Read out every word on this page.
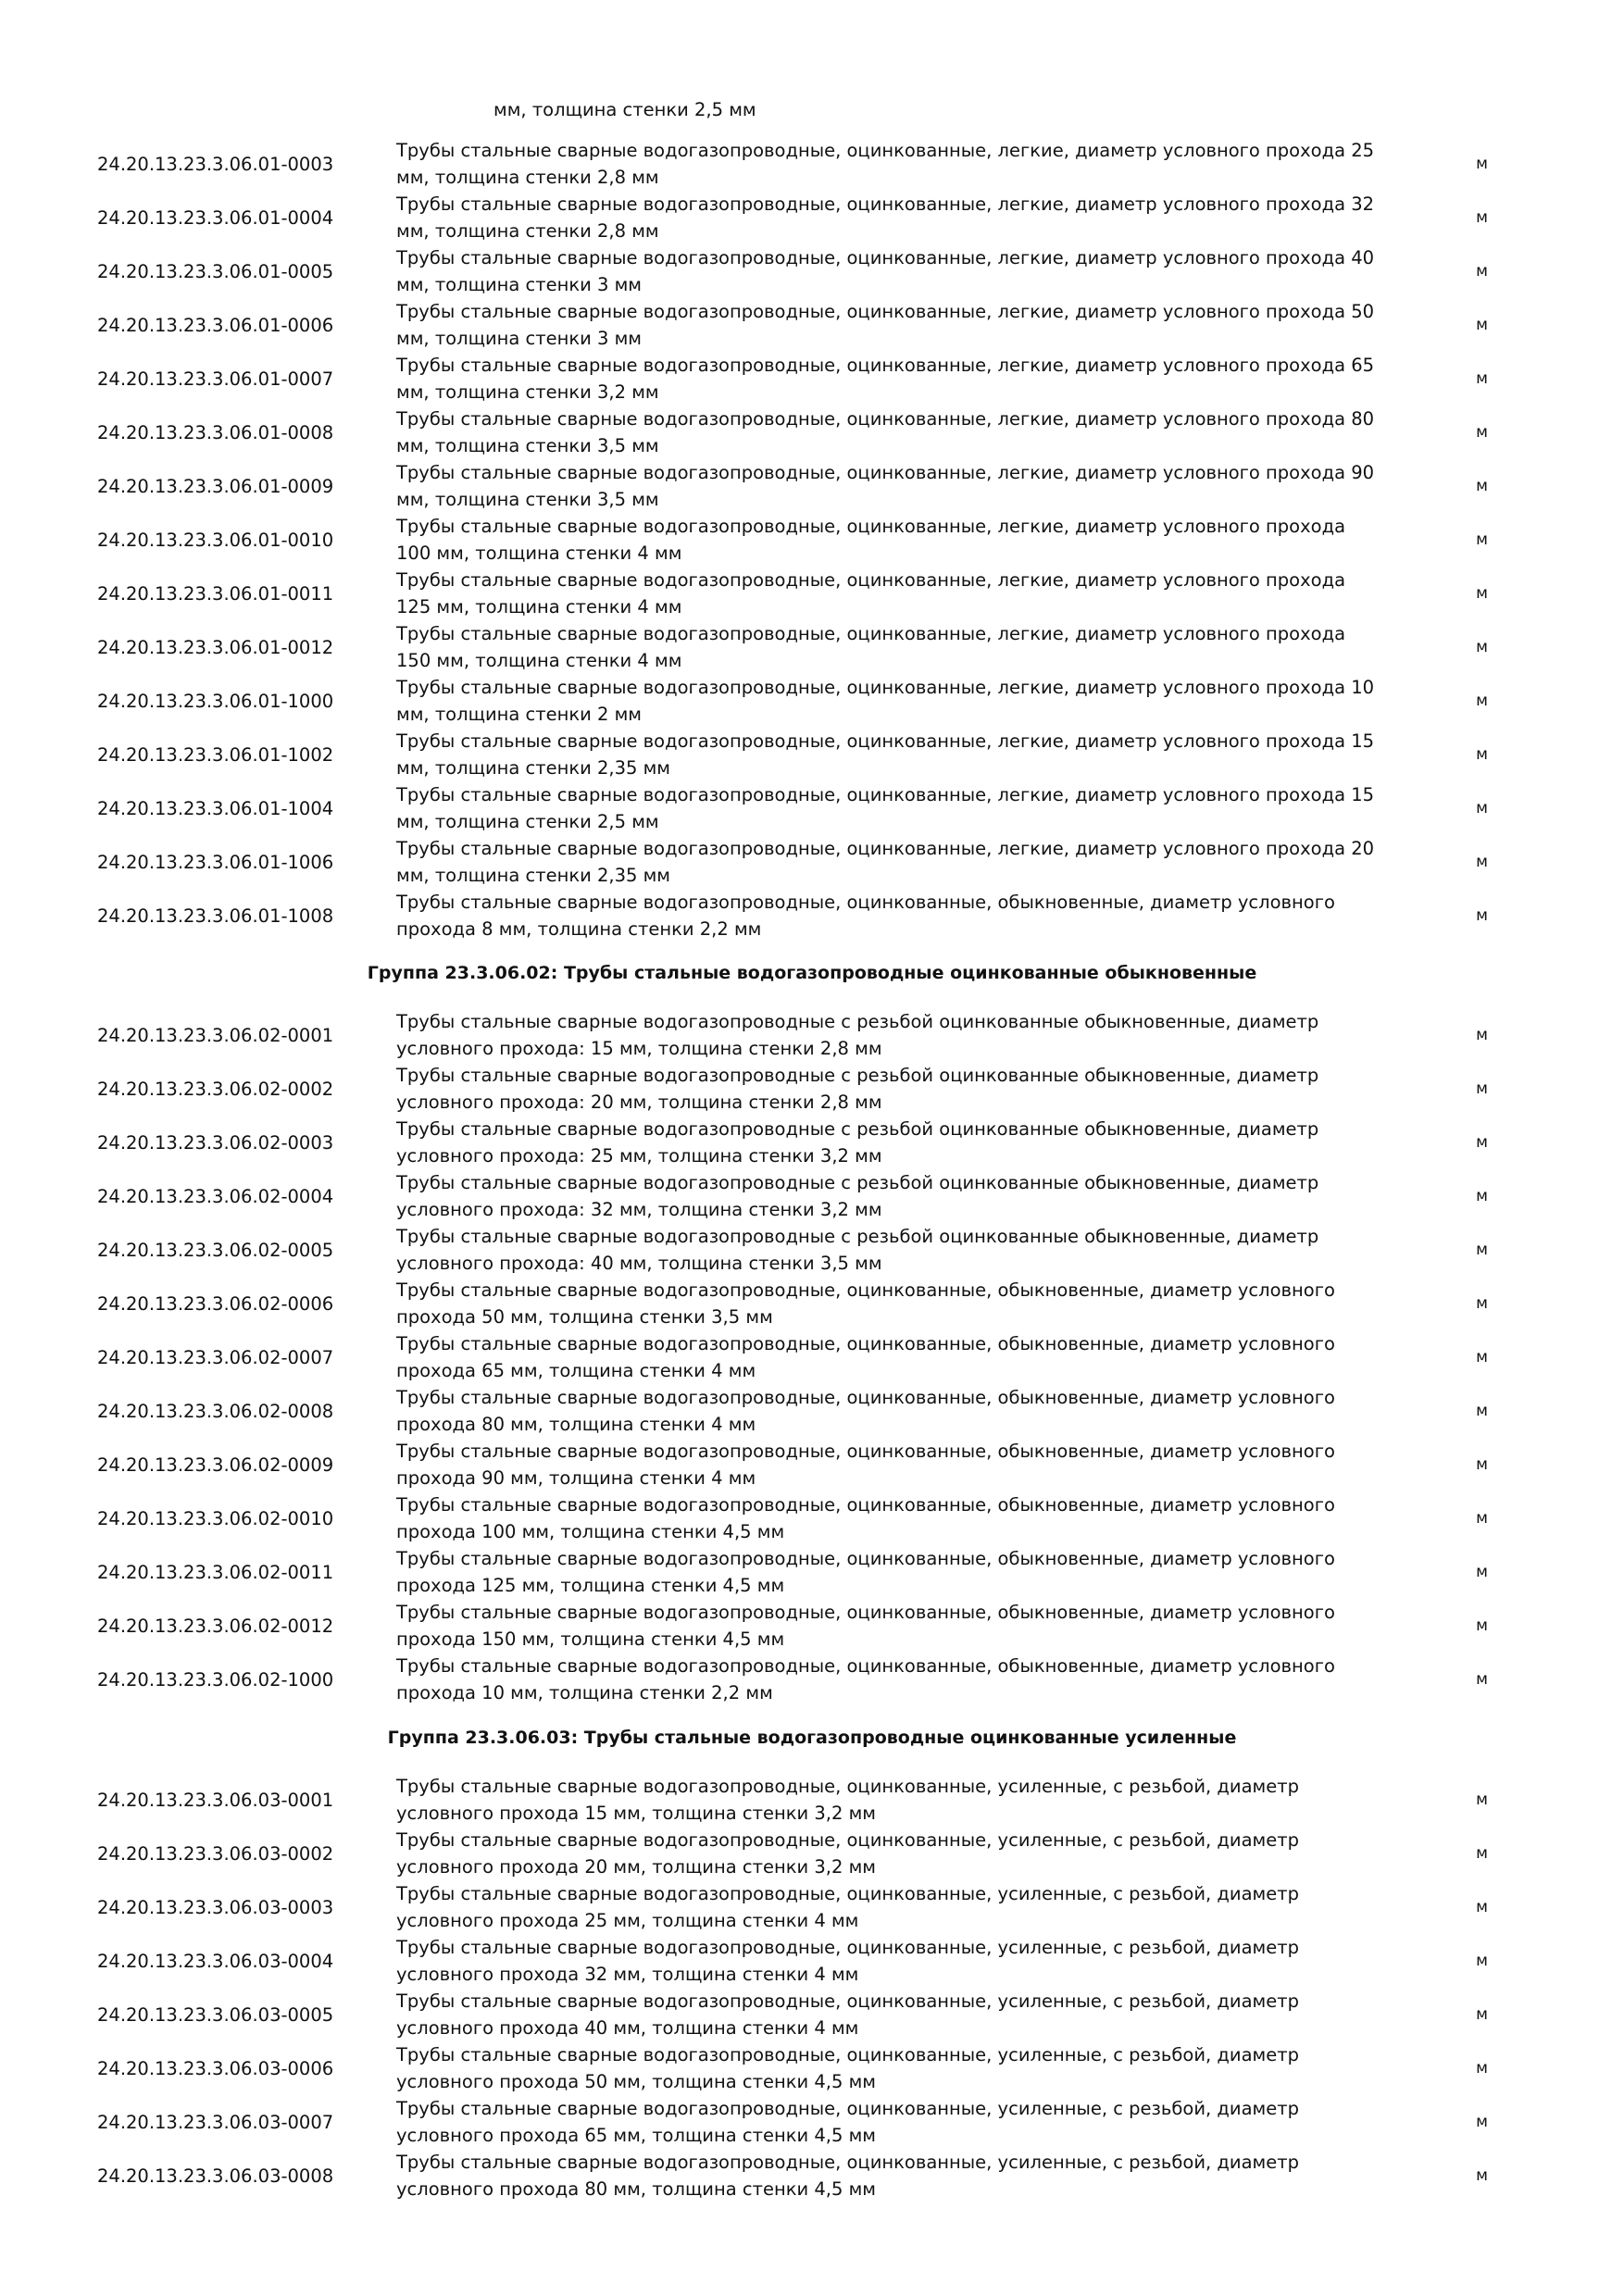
мм, толщина стенки 2,5 мм
24.20.13.23.3.06.01-0003
Трубы стальные сварные водогазопроводные, оцинкованные, легкие, диаметр условного прохода 25
мм, толщина стенки 2,8 мм
м
24.20.13.23.3.06.01-0004
Трубы стальные сварные водогазопроводные, оцинкованные, легкие, диаметр условного прохода 32
мм, толщина стенки 2,8 мм
м
24.20.13.23.3.06.01-0005
Трубы стальные сварные водогазопроводные, оцинкованные, легкие, диаметр условного прохода 40
мм, толщина стенки 3 мм
м
24.20.13.23.3.06.01-0006
Трубы стальные сварные водогазопроводные, оцинкованные, легкие, диаметр условного прохода 50
мм, толщина стенки 3 мм
м
24.20.13.23.3.06.01-0007
Трубы стальные сварные водогазопроводные, оцинкованные, легкие, диаметр условного прохода 65
мм, толщина стенки 3,2 мм
м
24.20.13.23.3.06.01-0008
Трубы стальные сварные водогазопроводные, оцинкованные, легкие, диаметр условного прохода 80
мм, толщина стенки 3,5 мм
м
24.20.13.23.3.06.01-0009
Трубы стальные сварные водогазопроводные, оцинкованные, легкие, диаметр условного прохода 90
мм, толщина стенки 3,5 мм
м
24.20.13.23.3.06.01-0010
Трубы стальные сварные водогазопроводные, оцинкованные, легкие, диаметр условного прохода
100 мм, толщина стенки 4 мм
м
24.20.13.23.3.06.01-0011
Трубы стальные сварные водогазопроводные, оцинкованные, легкие, диаметр условного прохода
125 мм, толщина стенки 4 мм
м
24.20.13.23.3.06.01-0012
Трубы стальные сварные водогазопроводные, оцинкованные, легкие, диаметр условного прохода
150 мм, толщина стенки 4 мм
м
24.20.13.23.3.06.01-1000
Трубы стальные сварные водогазопроводные, оцинкованные, легкие, диаметр условного прохода 10
мм, толщина стенки 2 мм
м
24.20.13.23.3.06.01-1002
Трубы стальные сварные водогазопроводные, оцинкованные, легкие, диаметр условного прохода 15
мм, толщина стенки 2,35 мм
м
24.20.13.23.3.06.01-1004
Трубы стальные сварные водогазопроводные, оцинкованные, легкие, диаметр условного прохода 15
мм, толщина стенки 2,5 мм
м
24.20.13.23.3.06.01-1006
Трубы стальные сварные водогазопроводные, оцинкованные, легкие, диаметр условного прохода 20
мм, толщина стенки 2,35 мм
м
24.20.13.23.3.06.01-1008
Трубы стальные сварные водогазопроводные, оцинкованные, обыкновенные, диаметр условного
прохода 8 мм, толщина стенки 2,2 мм
м
Группа 23.3.06.02: Трубы стальные водогазопроводные оцинкованные обыкновенные
24.20.13.23.3.06.02-0001
Трубы стальные сварные водогазопроводные с резьбой оцинкованные обыкновенные, диаметр
условного прохода: 15 мм, толщина стенки 2,8 мм
м
24.20.13.23.3.06.02-0002
Трубы стальные сварные водогазопроводные с резьбой оцинкованные обыкновенные, диаметр
условного прохода: 20 мм, толщина стенки 2,8 мм
м
24.20.13.23.3.06.02-0003
Трубы стальные сварные водогазопроводные с резьбой оцинкованные обыкновенные, диаметр
условного прохода: 25 мм, толщина стенки 3,2 мм
м
24.20.13.23.3.06.02-0004
Трубы стальные сварные водогазопроводные с резьбой оцинкованные обыкновенные, диаметр
условного прохода: 32 мм, толщина стенки 3,2 мм
м
24.20.13.23.3.06.02-0005
Трубы стальные сварные водогазопроводные с резьбой оцинкованные обыкновенные, диаметр
условного прохода: 40 мм, толщина стенки 3,5 мм
м
24.20.13.23.3.06.02-0006
Трубы стальные сварные водогазопроводные, оцинкованные, обыкновенные, диаметр условного
прохода 50 мм, толщина стенки 3,5 мм
м
24.20.13.23.3.06.02-0007
Трубы стальные сварные водогазопроводные, оцинкованные, обыкновенные, диаметр условного
прохода 65 мм, толщина стенки 4 мм
м
24.20.13.23.3.06.02-0008
Трубы стальные сварные водогазопроводные, оцинкованные, обыкновенные, диаметр условного
прохода 80 мм, толщина стенки 4 мм
м
24.20.13.23.3.06.02-0009
Трубы стальные сварные водогазопроводные, оцинкованные, обыкновенные, диаметр условного
прохода 90 мм, толщина стенки 4 мм
м
24.20.13.23.3.06.02-0010
Трубы стальные сварные водогазопроводные, оцинкованные, обыкновенные, диаметр условного
прохода 100 мм, толщина стенки 4,5 мм
м
24.20.13.23.3.06.02-0011
Трубы стальные сварные водогазопроводные, оцинкованные, обыкновенные, диаметр условного
прохода 125 мм, толщина стенки 4,5 мм
м
24.20.13.23.3.06.02-0012
Трубы стальные сварные водогазопроводные, оцинкованные, обыкновенные, диаметр условного
прохода 150 мм, толщина стенки 4,5 мм
м
24.20.13.23.3.06.02-1000
Трубы стальные сварные водогазопроводные, оцинкованные, обыкновенные, диаметр условного
прохода 10 мм, толщина стенки 2,2 мм
м
Группа 23.3.06.03: Трубы стальные водогазопроводные оцинкованные усиленные
24.20.13.23.3.06.03-0001
Трубы стальные сварные водогазопроводные, оцинкованные, усиленные, с резьбой, диаметр
условного прохода 15 мм, толщина стенки 3,2 мм
м
24.20.13.23.3.06.03-0002
Трубы стальные сварные водогазопроводные, оцинкованные, усиленные, с резьбой, диаметр
условного прохода 20 мм, толщина стенки 3,2 мм
м
24.20.13.23.3.06.03-0003
Трубы стальные сварные водогазопроводные, оцинкованные, усиленные, с резьбой, диаметр
условного прохода 25 мм, толщина стенки 4 мм
м
24.20.13.23.3.06.03-0004
Трубы стальные сварные водогазопроводные, оцинкованные, усиленные, с резьбой, диаметр
условного прохода 32 мм, толщина стенки 4 мм
м
24.20.13.23.3.06.03-0005
Трубы стальные сварные водогазопроводные, оцинкованные, усиленные, с резьбой, диаметр
условного прохода 40 мм, толщина стенки 4 мм
м
24.20.13.23.3.06.03-0006
Трубы стальные сварные водогазопроводные, оцинкованные, усиленные, с резьбой, диаметр
условного прохода 50 мм, толщина стенки 4,5 мм
м
24.20.13.23.3.06.03-0007
Трубы стальные сварные водогазопроводные, оцинкованные, усиленные, с резьбой, диаметр
условного прохода 65 мм, толщина стенки 4,5 мм
м
24.20.13.23.3.06.03-0008
Трубы стальные сварные водогазопроводные, оцинкованные, усиленные, с резьбой, диаметр
условного прохода 80 мм, толщина стенки 4,5 мм
м
